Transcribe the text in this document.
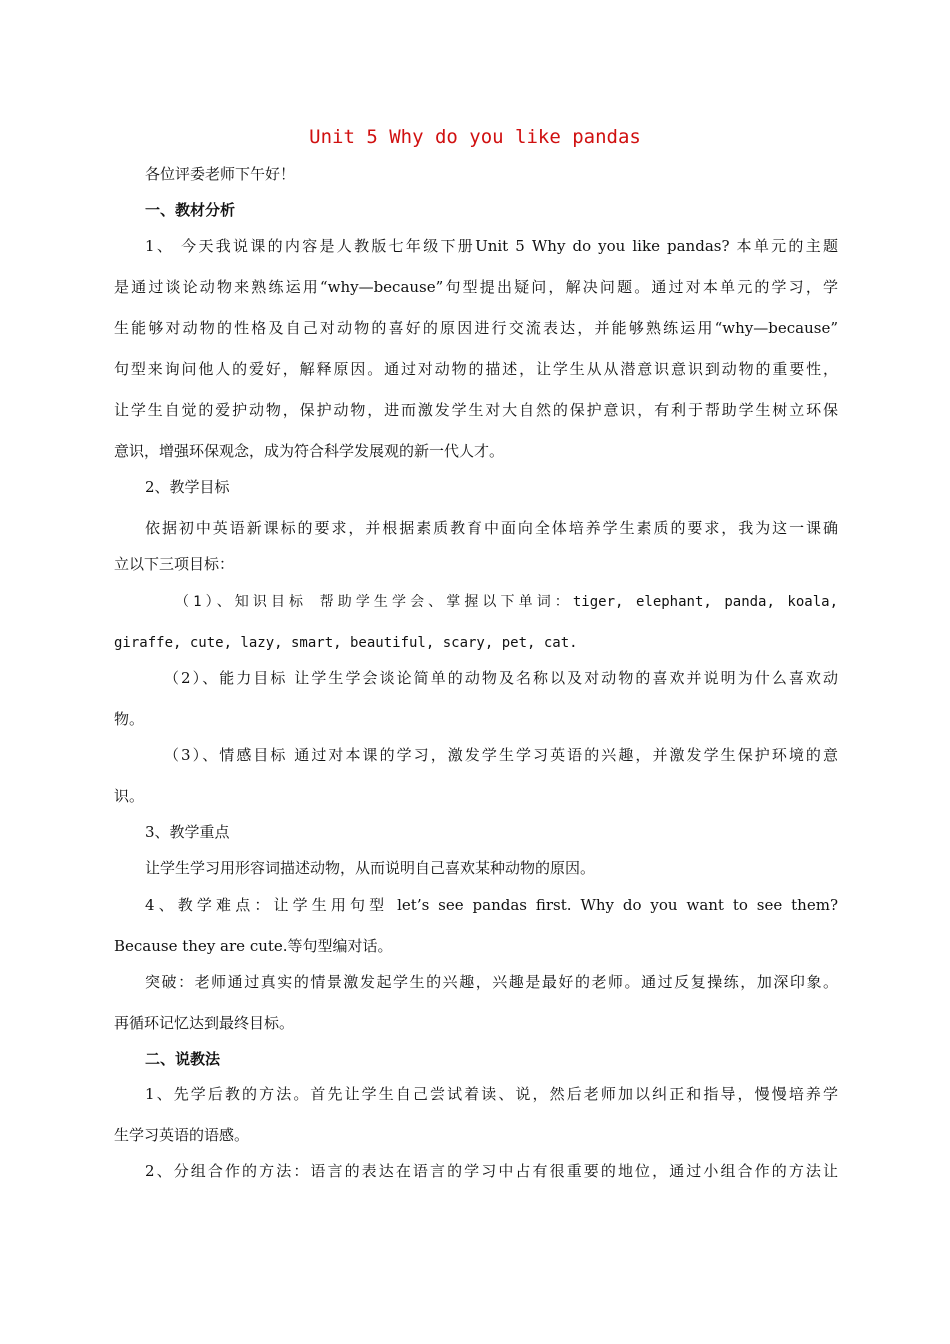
Unit 5 Why do you like pandas
各位评委老师下午好！
一、教材分析
1、 今天我说课的内容是人教版七年级下册Unit 5 Why do you like pandas? 本单元的主题
是通过谈论动物来熟练运用“why—because”句型提出疑问，解决问题。通过对本单元的学习，学
生能够对动物的性格及自己对动物的喜好的原因进行交流表达，并能够熟练运用“why—because”
句型来询问他人的爱好，解释原因。通过对动物的描述，让学生从从潜意识意识到动物的重要性，
让学生自觉的爱护动物，保护动物，进而激发学生对大自然的保护意识，有利于帮助学生树立环保
意识，增强环保观念，成为符合科学发展观的新一代人才。
2、教学目标
依据初中英语新课标的要求，并根据素质教育中面向全体培养学生素质的要求，我为这一课确
立以下三项目标：
（1）、知识目标 帮助学生学会、掌握以下单词：tiger, elephant, panda, koala,
giraffe, cute, lazy, smart, beautiful, scary, pet, cat.
（2）、能力目标 让学生学会谈论简单的动物及名称以及对动物的喜欢并说明为什么喜欢动
物。
（3）、情感目标 通过对本课的学习，激发学生学习英语的兴趣，并激发学生保护环境的意
识。
3、教学重点
让学生学习用形容词描述动物，从而说明自己喜欢某种动物的原因。
4、教学难点：让学生用句型 let’s see pandas first. Why do you want to see them?
Because they are cute.等句型编对话。
突破：老师通过真实的情景激发起学生的兴趣，兴趣是最好的老师。通过反复操练，加深印象。
再循环记忆达到最终目标。
二、说教法
1、先学后教的方法。首先让学生自己尝试着读、说，然后老师加以纠正和指导，慢慢培养学
生学习英语的语感。
2、分组合作的方法：语言的表达在语言的学习中占有很重要的地位，通过小组合作的方法让
